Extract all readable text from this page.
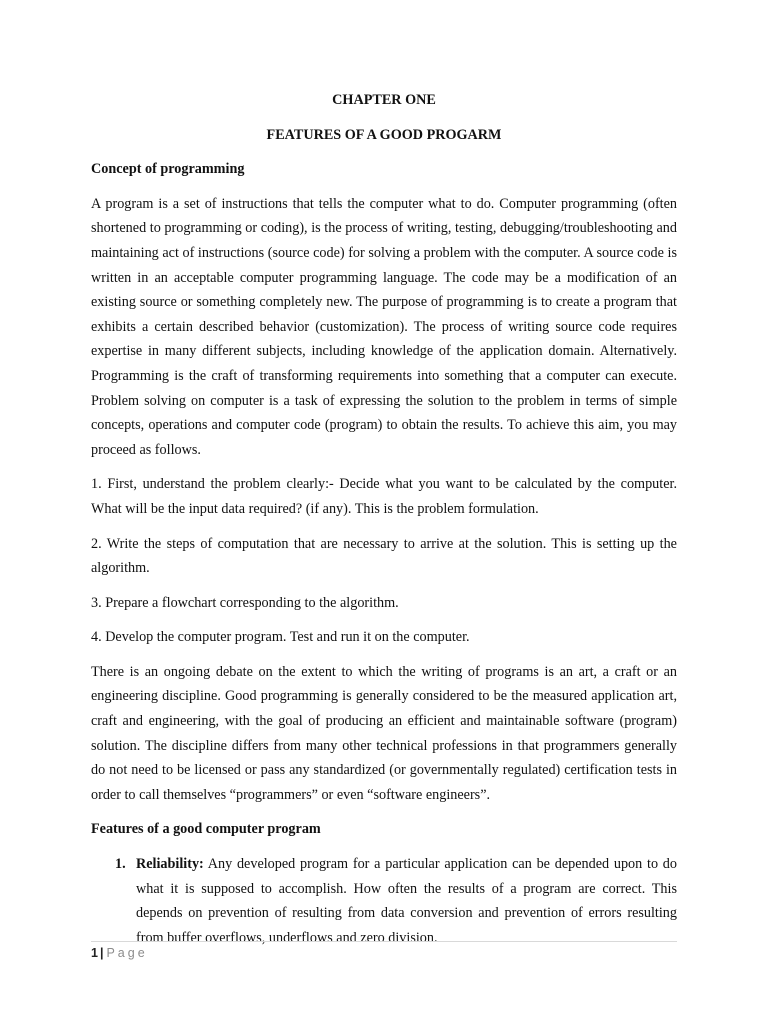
CHAPTER ONE

FEATURES OF A GOOD PROGARM

Concept of programming

A program is a set of instructions that tells the computer what to do. Computer programming (often shortened to programming or coding), is the process of writing, testing, debugging/troubleshooting and maintaining act of instructions (source code) for solving a problem with the computer. A source code is written in an acceptable computer programming language. The code may be a modification of an existing source or something completely new. The purpose of programming is to create a program that exhibits a certain described behavior (customization). The process of writing source code requires expertise in many different subjects, including knowledge of the application domain. Alternatively. Programming is the craft of transforming requirements into something that a computer can execute. Problem solving on computer is a task of expressing the solution to the problem in terms of simple concepts, operations and computer code (program) to obtain the results. To achieve this aim, you may proceed as follows.

1. First, understand the problem clearly:- Decide what you want to be calculated by the computer. What will be the input data required? (if any). This is the problem formulation.

2. Write the steps of computation that are necessary to arrive at the solution. This is setting up the algorithm.

3. Prepare a flowchart corresponding to the algorithm.

4. Develop the computer program. Test and run it on the computer.

There is an ongoing debate on the extent to which the writing of programs is an art, a craft or an engineering discipline. Good programming is generally considered to be the measured application art, craft and engineering, with the goal of producing an efficient and maintainable software (program) solution. The discipline differs from many other technical professions in that programmers generally do not need to be licensed or pass any standardized (or governmentally regulated) certification tests in order to call themselves “programmers” or even “software engineers”.

Features of a good computer program

1. Reliability: Any developed program for a particular application can be depended upon to do what it is supposed to accomplish. How often the results of a program are correct. This depends on prevention of resulting from data conversion and prevention of errors resulting from buffer overflows, underflows and zero division.
1 | Page
